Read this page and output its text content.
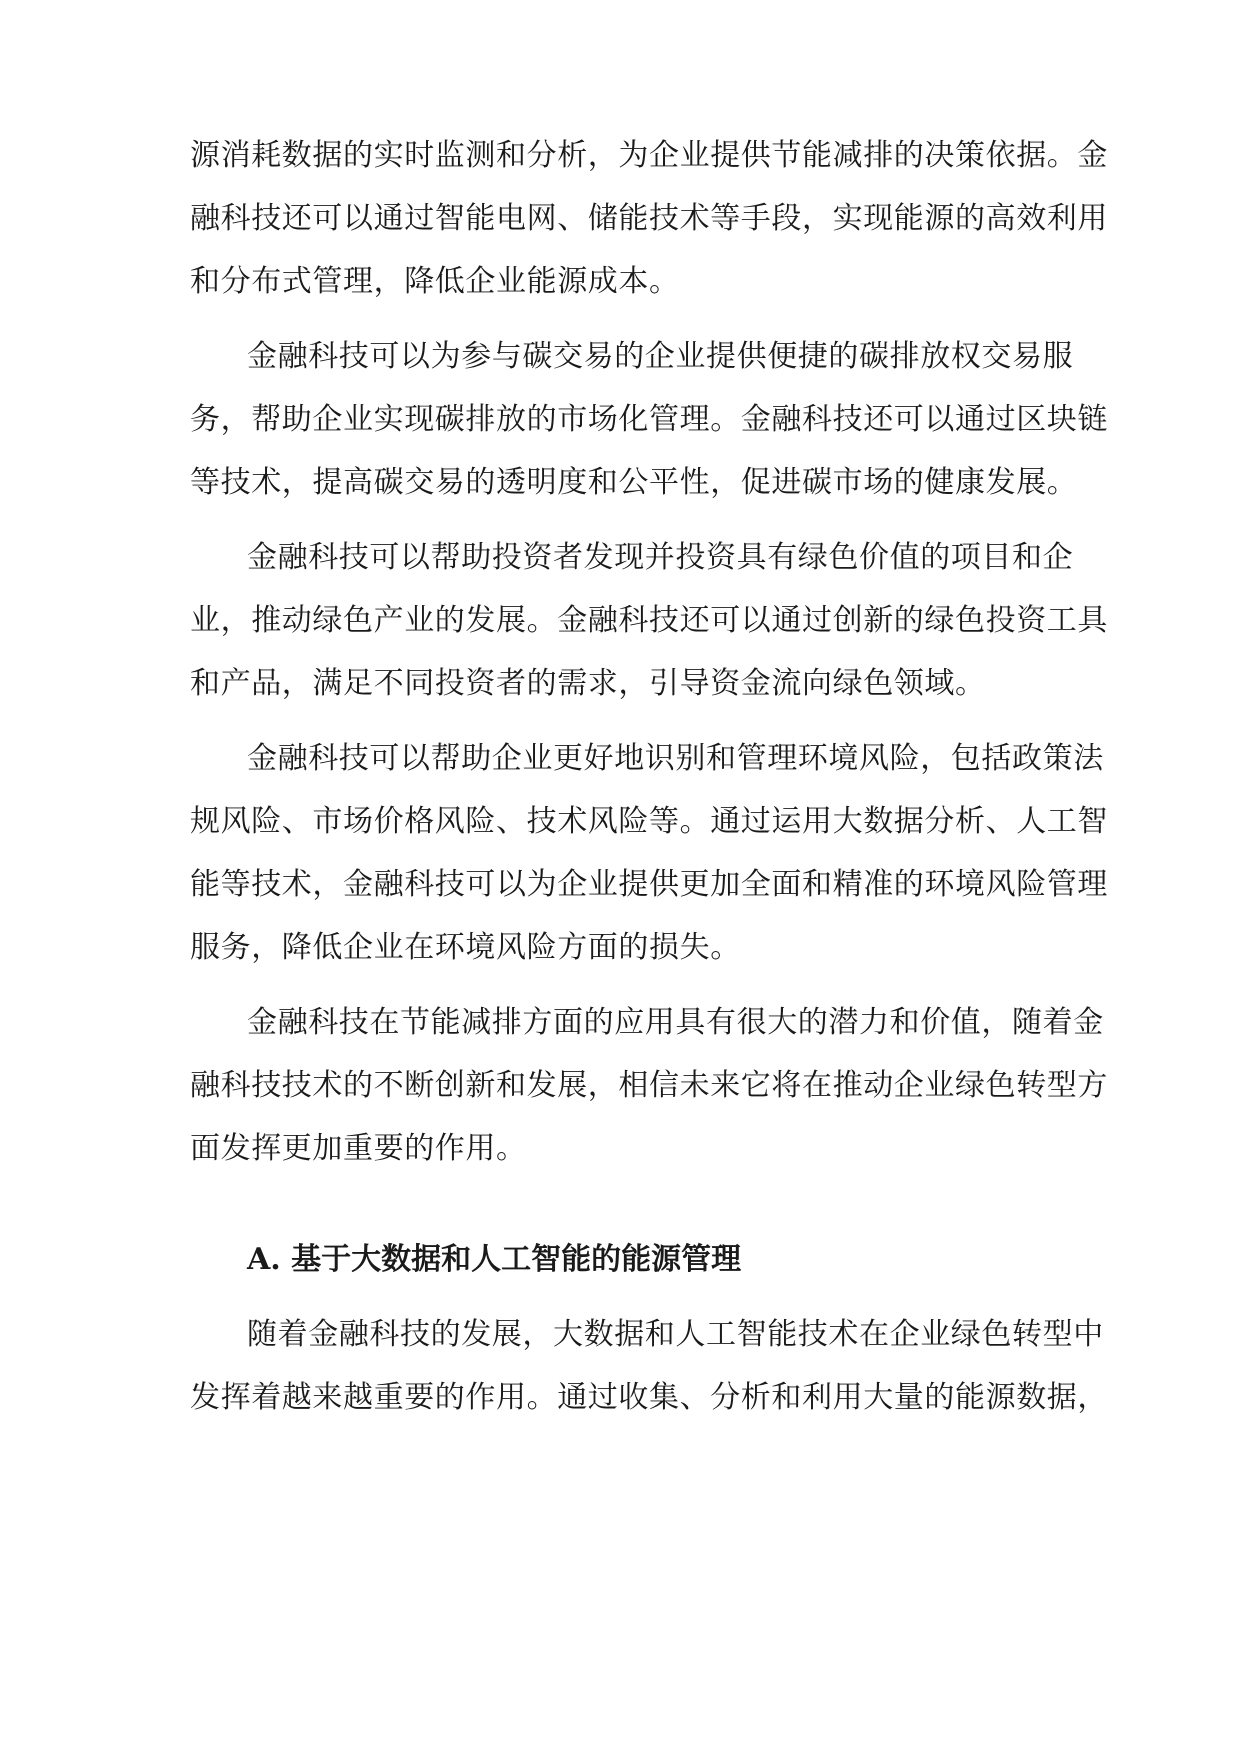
源消耗数据的实时监测和分析，为企业提供节能减排的决策依据。金
融科技还可以通过智能电网、储能技术等手段，实现能源的高效利用
和分布式管理，降低企业能源成本。
金融科技可以为参与碳交易的企业提供便捷的碳排放权交易服
务，帮助企业实现碳排放的市场化管理。金融科技还可以通过区块链
等技术，提高碳交易的透明度和公平性，促进碳市场的健康发展。
金融科技可以帮助投资者发现并投资具有绿色价值的项目和企
业，推动绿色产业的发展。金融科技还可以通过创新的绿色投资工具
和产品，满足不同投资者的需求，引导资金流向绿色领域。
金融科技可以帮助企业更好地识别和管理环境风险，包括政策法
规风险、市场价格风险、技术风险等。通过运用大数据分析、人工智
能等技术，金融科技可以为企业提供更加全面和精准的环境风险管理
服务，降低企业在环境风险方面的损失。
金融科技在节能减排方面的应用具有很大的潜力和价值，随着金
融科技技术的不断创新和发展，相信未来它将在推动企业绿色转型方
面发挥更加重要的作用。
A. 基于大数据和人工智能的能源管理
随着金融科技的发展，大数据和人工智能技术在企业绿色转型中
发挥着越来越重要的作用。通过收集、分析和利用大量的能源数据，
